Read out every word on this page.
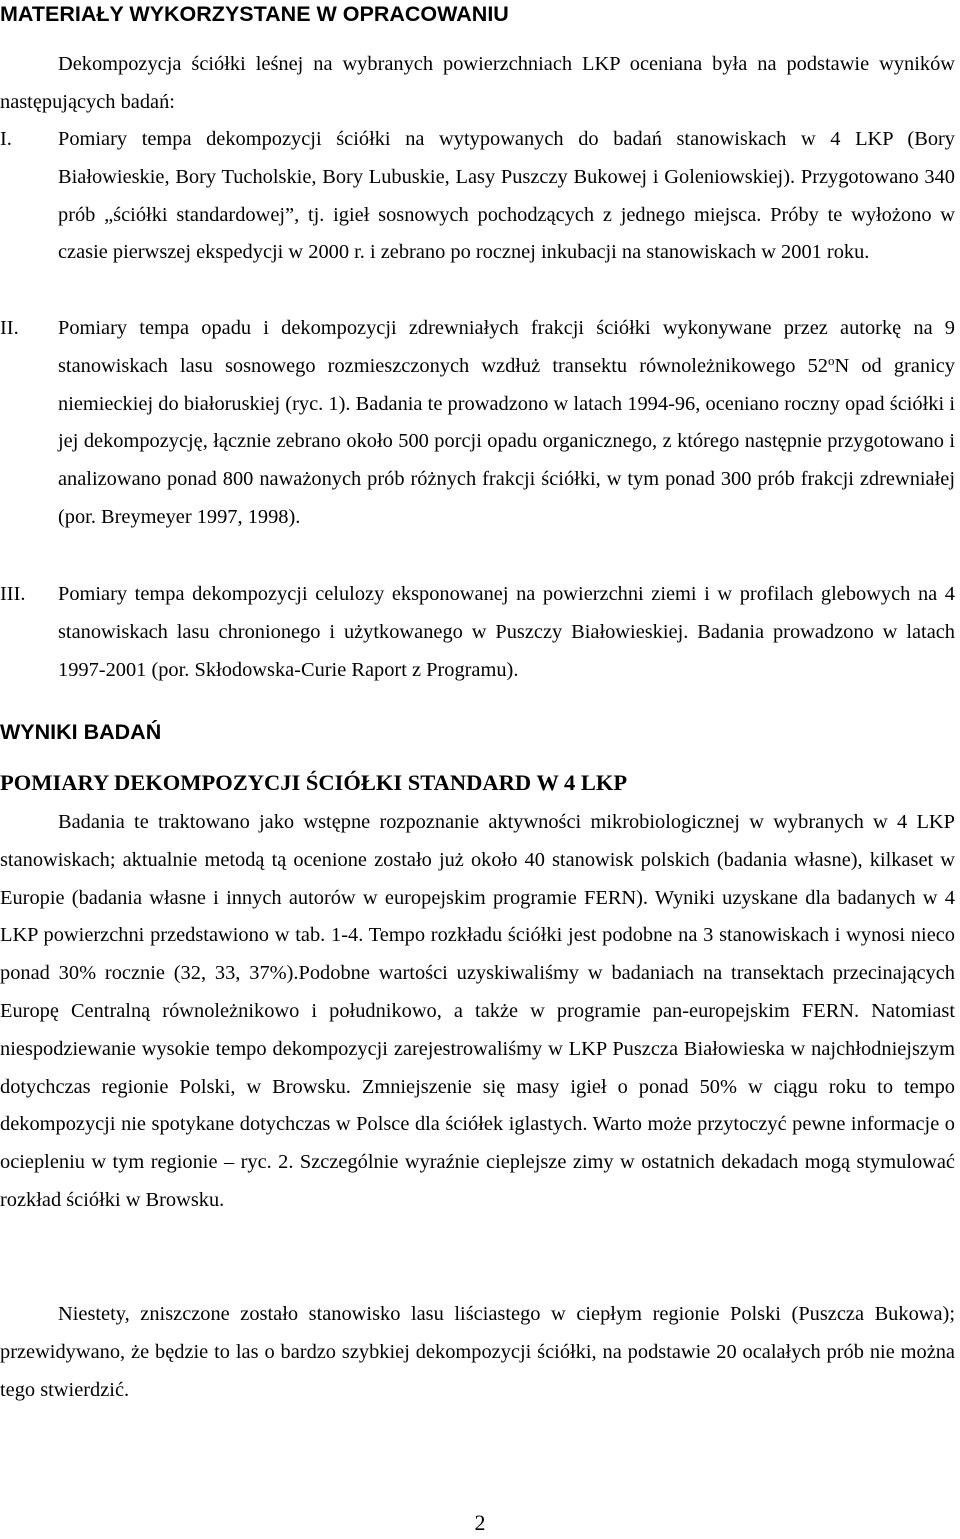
MATERIAŁY WYKORZYSTANE W OPRACOWANIU

Dekompozycja ściółki leśnej na wybranych powierzchniach LKP oceniana była na podstawie wyników następujących badań:

I.	Pomiary tempa dekompozycji ściółki na wytypowanych do badań stanowiskach w 4 LKP (Bory Białowieskie, Bory Tucholskie, Bory Lubuskie, Lasy Puszczy Bukowej i Goleniowskiej). Przygotowano 340 prób „ściółki standardowej”, tj. igieł sosnowych pochodzących z jednego miejsca. Próby te wyłożono w czasie pierwszej ekspedycji w 2000 r. i zebrano po rocznej inkubacji na stanowiskach w 2001 roku.
II.	Pomiary tempa opadu i dekompozycji zdrewniałych frakcji ściółki wykonywane przez autorkę na 9 stanowiskach lasu sosnowego rozmieszczonych wzdłuż transektu równoleżnikowego 52$^o$N od granicy niemieckiej do białoruskiej (ryc. 1). Badania te prowadzono w latach 1994-96, oceniano roczny opad ściółki i jej dekompozycję, łącznie zebrano około 500 porcji opadu organicznego, z którego następnie przygotowano i analizowano ponad 800 naważonych prób różnych frakcji ściółki, w tym ponad 300 prób frakcji zdrewniałej (por. Breymeyer 1997, 1998).
III.	Pomiary tempa dekompozycji celulozy eksponowanej na powierzchni ziemi i w profilach glebowych na 4 stanowiskach lasu chronionego i użytkowanego w Puszczy Białowieskiej. Badania prowadzono w latach 1997-2001 (por. Skłodowska-Curie Raport z Programu).
WYNIKI BADAŃ
POMIARY DEKOMPOZYCJI ŚCIÓŁKI STANDARD W 4 LKP

Badania te traktowano jako wstępne rozpoznanie aktywności mikrobiologicznej w wybranych w 4 LKP stanowiskach; aktualnie metodą tą ocenione zostało już około 40 stanowisk polskich (badania własne), kilkaset w Europie (badania własne i innych autorów w europejskim programie FERN). Wyniki uzyskane dla badanych w 4 LKP powierzchni przedstawiono w tab. 1-4. Tempo rozkładu ściółki jest podobne na 3 stanowiskach i wynosi nieco ponad 30% rocznie (32, 33, 37%).Podobne wartości uzyskiwaliśmy w badaniach na transektach przecinających Europę Centralną równoleżnikowo i południkowo, a także w programie pan-europejskim FERN. Natomiast niespodziewanie wysokie tempo dekompozycji zarejestrowaliśmy w LKP Puszcza Białowieska w najchłodniejszym dotychczas regionie Polski, w Browsku. Zmniejszenie się masy igieł o ponad 50% w ciągu roku to tempo dekompozycji nie spotykane dotychczas w Polsce dla ściółek iglastych. Warto może przytoczyć pewne informacje o ociepleniu w tym regionie – ryc. 2. Szczególnie wyraźnie cieplejsze zimy w ostatnich dekadach mogą stymulować rozkład ściółki w Browsku.

Niestety, zniszczone zostało stanowisko lasu liściastego w ciepłym regionie Polski (Puszcza Bukowa); przewidywano, że będzie to las o bardzo szybkiej dekompozycji ściółki, na podstawie 20 ocalałych prób nie można tego stwierdzić.

2
